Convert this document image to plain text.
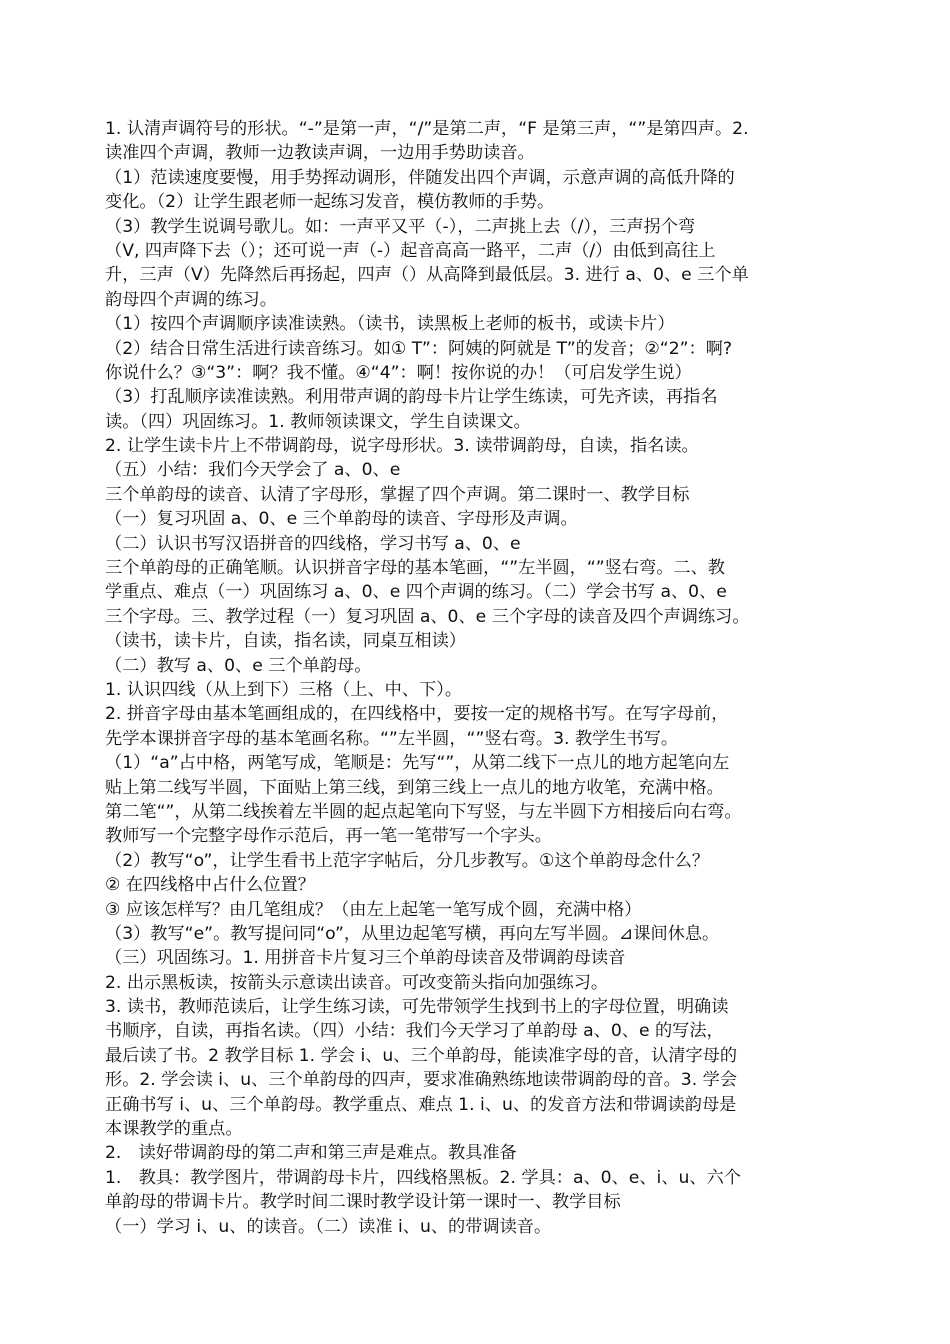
1. 认清声调符号的形状。“-”是第一声，“/”是第二声，“F 是第三声，“”是第四声。2.
读准四个声调，教师一边教读声调，一边用手势助读音。
（1）范读速度要慢，用手势挥动调形，伴随发出四个声调，示意声调的高低升降的
变化。（2）让学生跟老师一起练习发音，模仿教师的手势。
（3）教学生说调号歌儿。如：一声平又平（-），二声挑上去（/），三声拐个弯
（V, 四声降下去（）；还可说一声（-）起音高高一路平，二声（/）由低到高往上
升，三声（V）先降然后再扬起，四声（）从高降到最低层。3. 进行 a、0、e 三个单
韵母四个声调的练习。
（1）按四个声调顺序读准读熟。（读书，读黑板上老师的板书，或读卡片）
（2）结合日常生活进行读音练习。如① T”：阿姨的阿就是 T”的发音；②“2”：啊?
你说什么？③“3”：啊？我不懂。④“4”：啊！按你说的办！（可启发学生说）
（3）打乱顺序读准读熟。利用带声调的韵母卡片让学生练读，可先齐读，再指名
读。（四）巩固练习。1. 教师领读课文，学生自读课文。
2. 让学生读卡片上不带调韵母，说字母形状。3. 读带调韵母，自读，指名读。
（五）小结：我们今天学会了 a、0、e
三个单韵母的读音、认清了字母形，掌握了四个声调。第二课时一、教学目标
（一）复习巩固 a、0、e 三个单韵母的读音、字母形及声调。
（二）认识书写汉语拼音的四线格，学习书写 a、0、e
三个单韵母的正确笔顺。认识拼音字母的基本笔画，“”左半圆，“”竖右弯。二、教
学重点、难点（一）巩固练习 a、0、e 四个声调的练习。（二）学会书写 a、0、e
三个字母。三、教学过程（一）复习巩固 a、0、e 三个字母的读音及四个声调练习。
（读书，读卡片，自读，指名读，同桌互相读）
（二）教写 a、0、e 三个单韵母。
1. 认识四线（从上到下）三格（上、中、下）。
2. 拼音字母由基本笔画组成的，在四线格中，要按一定的规格书写。在写字母前，
先学本课拼音字母的基本笔画名称。“”左半圆，“”竖右弯。3. 教学生书写。
（1）“a”占中格，两笔写成，笔顺是：先写“”，从第二线下一点儿的地方起笔向左
贴上第二线写半圆，下面贴上第三线，到第三线上一点儿的地方收笔，充满中格。
第二笔“”，从第二线挨着左半圆的起点起笔向下写竖，与左半圆下方相接后向右弯。
教师写一个完整字母作示范后，再一笔一笔带写一个字头。
（2）教写“o”，让学生看书上范字字帖后，分几步教写。①这个单韵母念什么？
② 在四线格中占什么位置？
③ 应该怎样写？由几笔组成？（由左上起笔一笔写成个圆，充满中格）
（3）教写“e”。教写提问同“o”，从里边起笔写横，再向左写半圆。⊿课间休息。
（三）巩固练习。1. 用拼音卡片复习三个单韵母读音及带调韵母读音
2. 出示黑板读，按箭头示意读出读音。可改变箭头指向加强练习。
3. 读书，教师范读后，让学生练习读，可先带领学生找到书上的字母位置，明确读
书顺序，自读，再指名读。（四）小结：我们今天学习了单韵母 a、0、e 的写法，
最后读了书。2 教学目标 1. 学会 i、u、三个单韵母，能读准字母的音，认清字母的
形。2. 学会读 i、u、三个单韵母的四声，要求准确熟练地读带调韵母的音。3. 学会
正确书写 i、u、三个单韵母。教学重点、难点 1. i、u、的发音方法和带调读韵母是
本课教学的重点。
2.　读好带调韵母的第二声和第三声是难点。教具准备
1.　教具：教学图片，带调韵母卡片，四线格黑板。2. 学具：a、0、e、i、u、六个
单韵母的带调卡片。教学时间二课时教学设计第一课时一、教学目标
（一）学习 i、u、的读音。（二）读准 i、u、的带调读音。
